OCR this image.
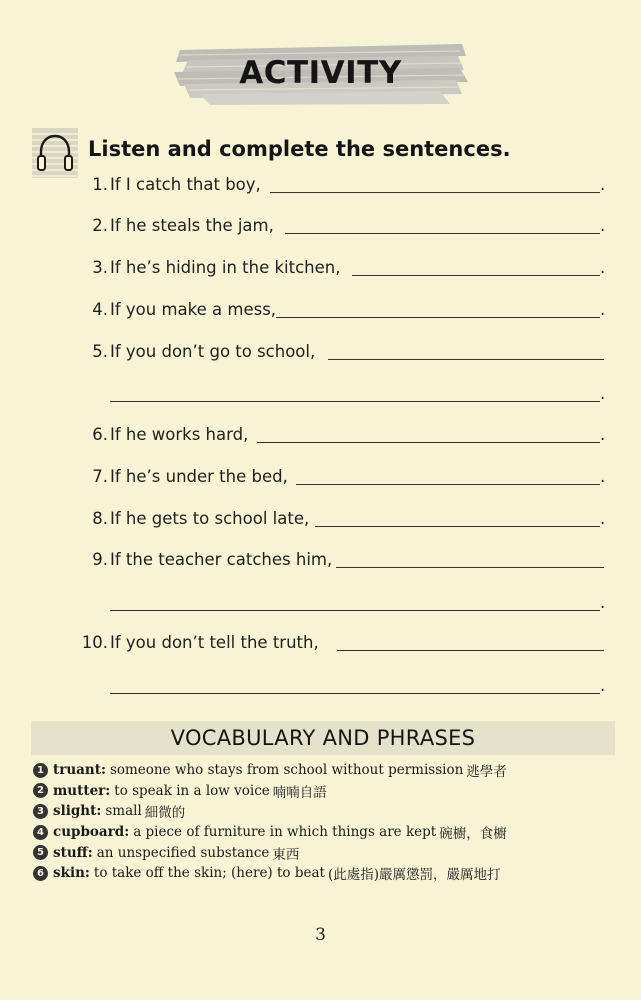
ACTIVITY
Listen and complete the sentences.
1. If I catch that boy,	.
2. If he steals the jam,	.
3. If he’s hiding in the kitchen,	.
4. If you make a mess,	.
5. If you don’t go to school,
.
6. If he works hard,	.
7. If he’s under the bed,	.
8. If he gets to school late,	.
9. If the teacher catches him,
.
10. If you don’t tell the truth,
.
VOCABULARY AND PHRASES
1 truant: someone who stays from school without permission 逃學者
2 mutter: to speak in a low voice 喃喃自語
3 slight: small 細微的
4 cupboard: a piece of furniture in which things are kept 碗櫥，食櫥
5 stuff: an unspecified substance 東西
6 skin: to take off the skin; (here) to beat (此處指)嚴厲懲罰，嚴厲地打
3
